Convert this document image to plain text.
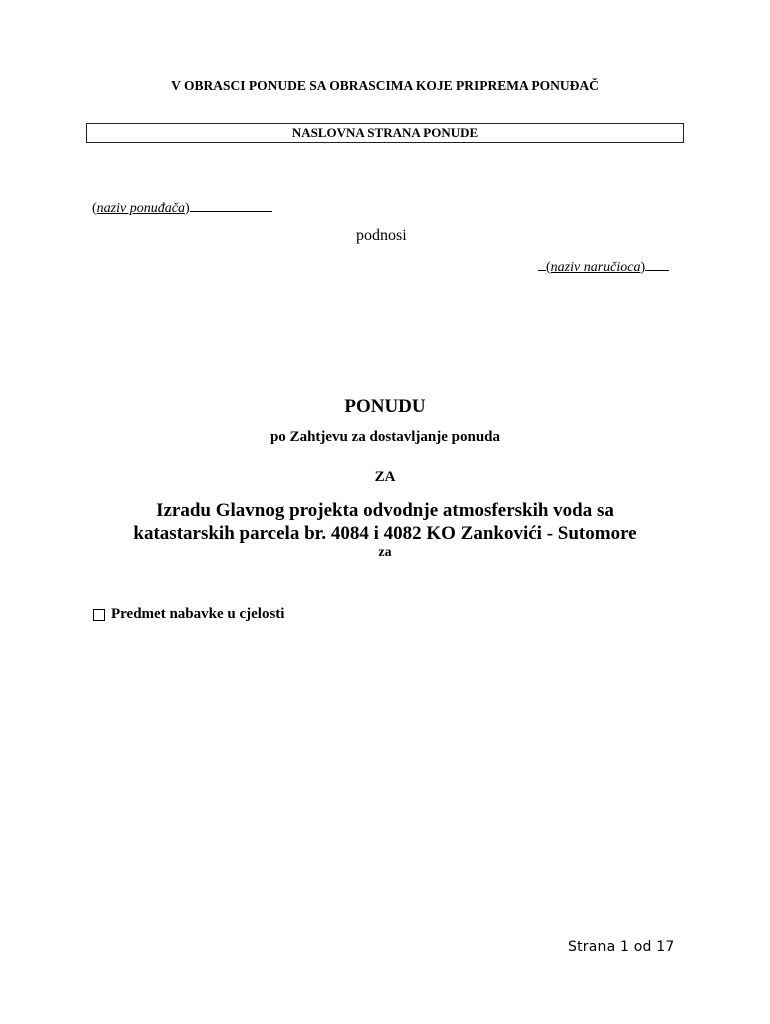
V OBRASCI PONUDE SA OBRASCIMA KOJE PRIPREMA PONUĐAČ
NASLOVNA STRANA PONUDE
(naziv ponuđača)
podnosi
(naziv naručioca)
PONUDU
po Zahtjevu za dostavljanje ponuda
ZA
Izradu Glavnog projekta odvodnje atmosferskih voda sa
katastarskih parcela br. 4084 i 4082 KO Zankovići - Sutomore
za
Predmet nabavke u cjelosti
Strana 1 od 17
